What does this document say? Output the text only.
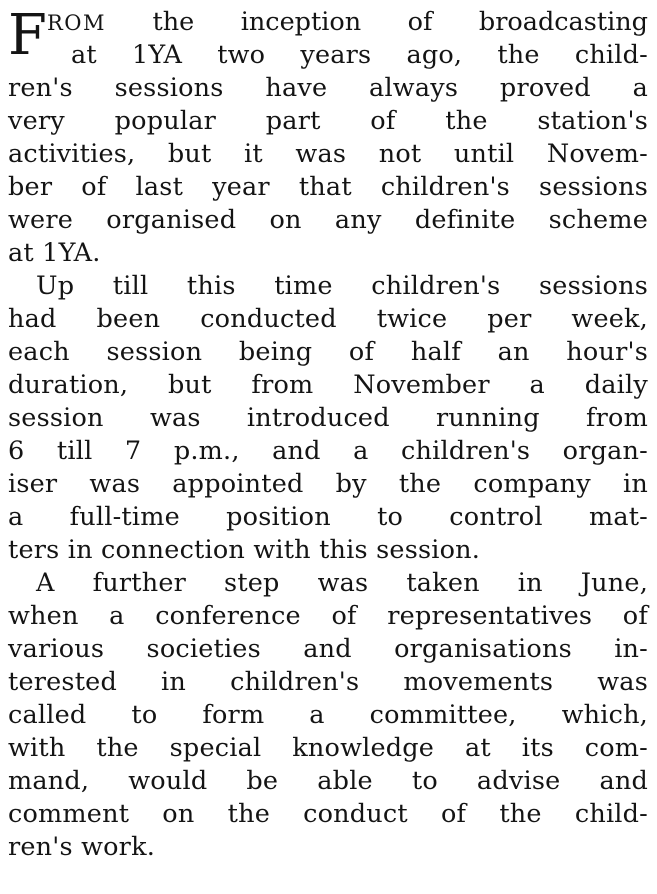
F ROM the inception of broadcasting
at 1YA two years ago, the child-
ren's sessions have always proved a
very popular part of the station's
activities, but it was not until Novem-
ber of last year that children's sessions
were organised on any definite scheme
at 1YA.
Up till this time children's sessions
had been conducted twice per week,
each session being of half an hour's
duration, but from November a daily
session was introduced running from
6 till 7 p.m., and a children's organ-
iser was appointed by the company in
a full-time position to control mat-
ters in connection with this session.
A further step was taken in June,
when a conference of representatives of
various societies and organisations in-
terested in children's movements was
called to form a committee, which,
with the special knowledge at its com-
mand, would be able to advise and
comment on the conduct of the child-
ren's work.
